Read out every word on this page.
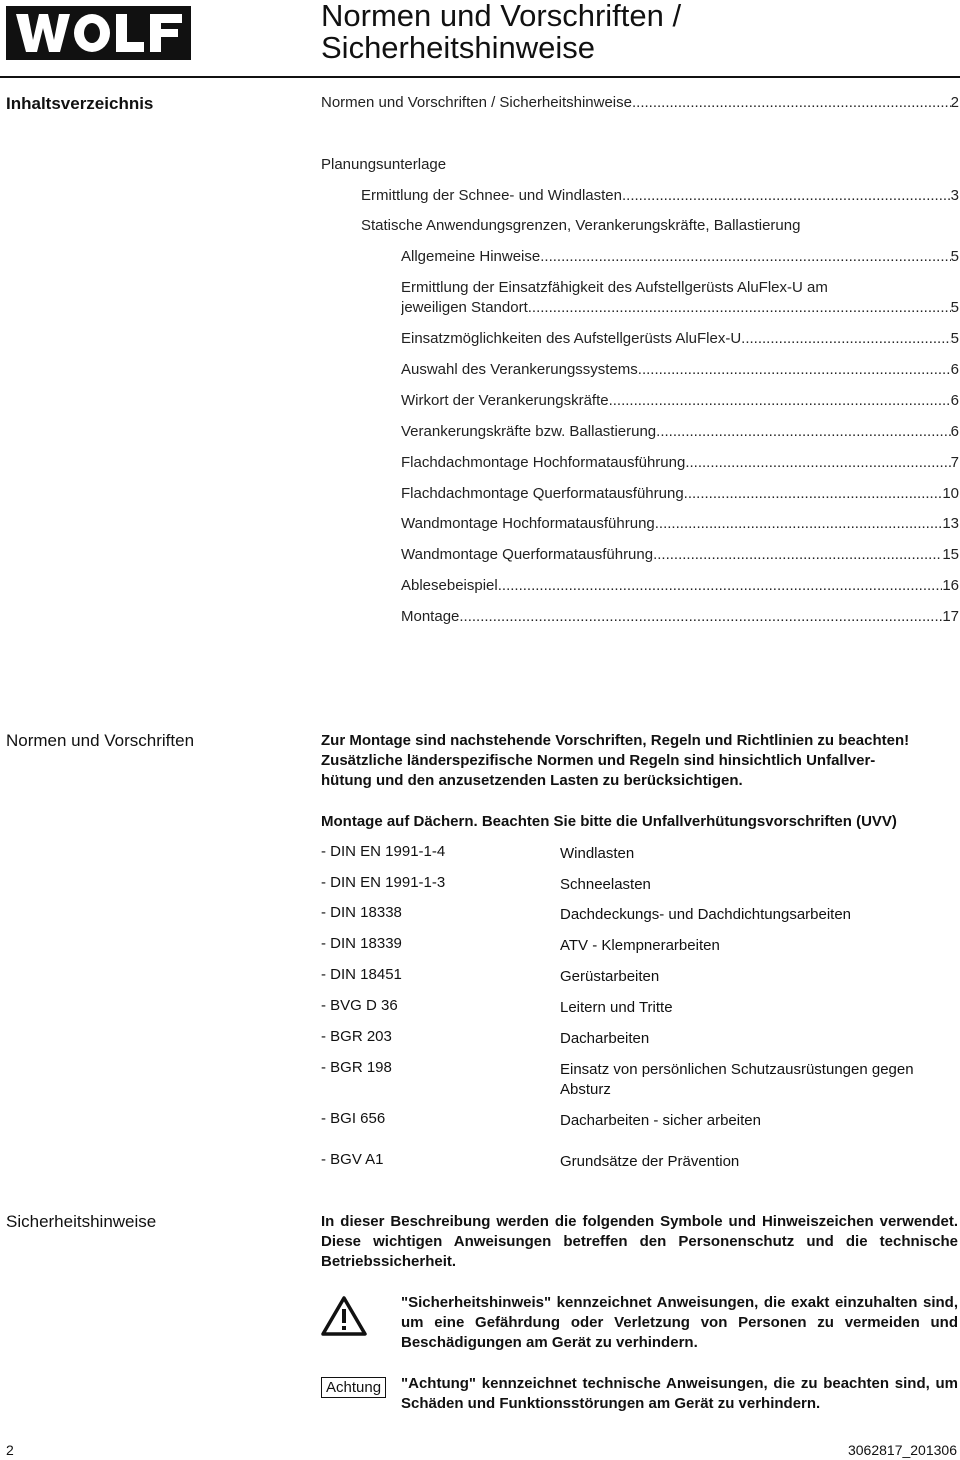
Normen und Vorschriften /
Sicherheitshinweise
Inhaltsverzeichnis	Normen und Vorschriften / Sicherheitshinweise .....	2
Planungsunterlage
Ermittlung der Schnee- und Windlasten .....	3
Statische Anwendungsgrenzen, Verankerungskräfte, Ballastierung
Allgemeine Hinweise .....	5
Ermittlung der Einsatzfähigkeit des Aufstellgerüsts AluFlex-U am
jeweiligen Standort .....	5
Einsatzmöglichkeiten des Aufstellgerüsts AluFlex-U .....	5
Auswahl des Verankerungssystems .....	6
Wirkort der Verankerungskräfte .....	6
Verankerungskräfte bzw. Ballastierung .....	6
Flachdachmontage Hochformatausführung .....	7
Flachdachmontage Querformatausführung .....	10
Wandmontage Hochformatausführung .....	13
Wandmontage Querformatausführung .....	15
Ablesebeispiel .....	16
Montage .....	17
Normen und Vorschriften	Zur Montage sind nachstehende Vorschriften, Regeln und Richtlinien zu beachten!
Zusätzliche länderspezifische Normen und Regeln sind hinsichtlich Unfallver-
hütung und den anzusetzenden Lasten zu berücksichtigen.
Montage auf Dächern. Beachten Sie bitte die Unfallverhütungsvorschriften (UVV)
- DIN EN 1991-1-4	Windlasten
- DIN EN 1991-1-3	Schneelasten
- DIN 18338	Dachdeckungs- und Dachdichtungsarbeiten
- DIN 18339	ATV - Klempnerarbeiten
- DIN 18451	Gerüstarbeiten
- BVG D 36	Leitern und Tritte
- BGR 203	Dacharbeiten
- BGR 198	Einsatz von persönlichen Schutzausrüstungen gegen
Absturz
- BGI 656	Dacharbeiten - sicher arbeiten
- BGV A1	Grundsätze der Prävention
Sicherheitshinweise	In dieser Beschreibung werden die folgenden Symbole und Hinweiszeichen verwendet. Diese wichtigen Anweisungen betreffen den Personenschutz und die technische Betriebssicherheit.
"Sicherheitshinweis" kennzeichnet Anweisungen, die exakt einzuhalten sind, um eine Gefährdung oder Verletzung von Personen zu vermeiden und Beschädigungen am Gerät zu verhindern.
Achtung	"Achtung" kennzeichnet technische Anweisungen, die zu beachten sind, um Schäden und Funktionsstörungen am Gerät zu verhindern.
2	3062817_201306
